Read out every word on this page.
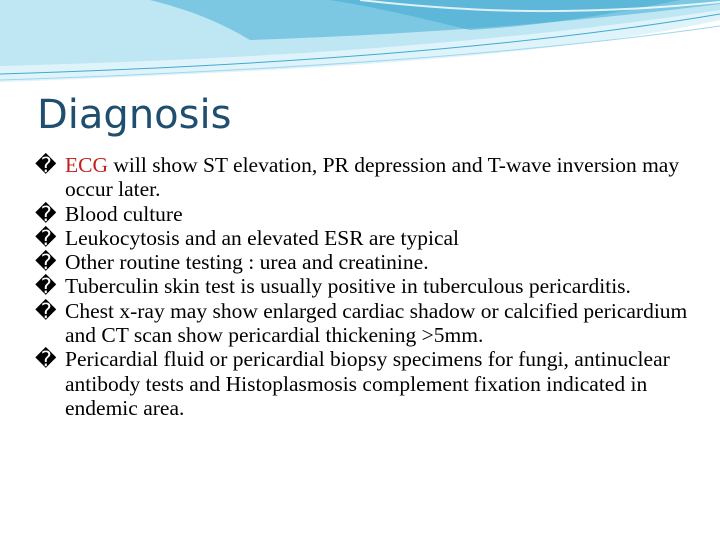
Diagnosis
� ECG will show ST elevation, PR depression and T-wave inversion may occur later.
� Blood culture
� Leukocytosis and an elevated ESR are typical
� Other routine testing : urea and creatinine.
� Tuberculin skin test is usually positive in tuberculous pericarditis.
� Chest x-ray may show enlarged cardiac shadow or calcified pericardium and CT scan show pericardial thickening >5mm.
� Pericardial fluid or pericardial biopsy specimens for fungi, antinuclear antibody tests and Histoplasmosis complement fixation indicated in endemic area.
